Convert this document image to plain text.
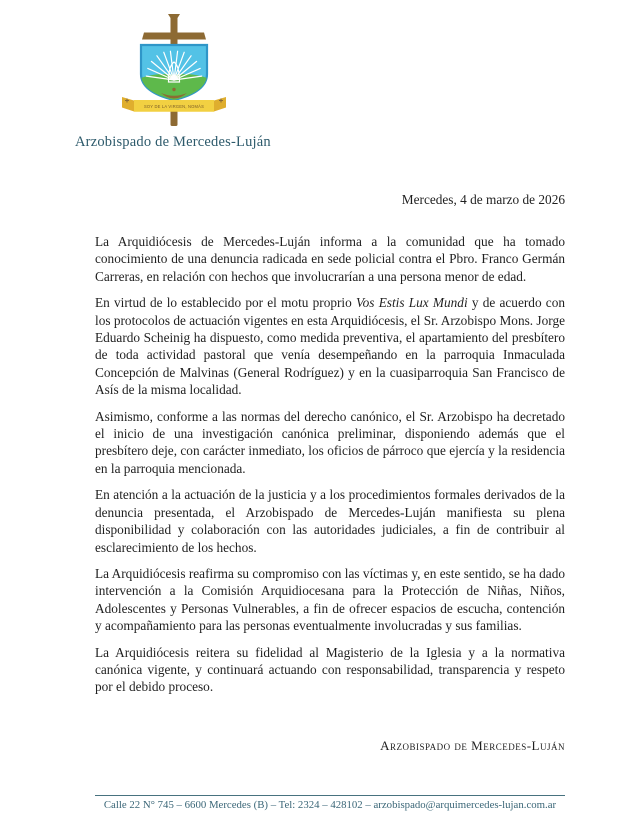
SOY DE LA VIRGEN, NOMÁS
Arzobispado de Mercedes-Luján
Mercedes, 4 de marzo de 2026

La Arquidiócesis de Mercedes-Luján informa a la comunidad que ha tomado conocimiento de una denuncia radicada en sede policial contra el Pbro. Franco Germán Carreras, en relación con hechos que involucrarían a una persona menor de edad.

En virtud de lo establecido por el motu proprio Vos Estis Lux Mundi y de acuerdo con los protocolos de actuación vigentes en esta Arquidiócesis, el Sr. Arzobispo Mons. Jorge Eduardo Scheinig ha dispuesto, como medida preventiva, el apartamiento del presbítero de toda actividad pastoral que venía desempeñando en la parroquia Inmaculada Concepción de Malvinas (General Rodríguez) y en la cuasiparroquia San Francisco de Asís de la misma localidad.

Asimismo, conforme a las normas del derecho canónico, el Sr. Arzobispo ha decretado el inicio de una investigación canónica preliminar, disponiendo además que el presbítero deje, con carácter inmediato, los oficios de párroco que ejercía y la residencia en la parroquia mencionada.

En atención a la actuación de la justicia y a los procedimientos formales derivados de la denuncia presentada, el Arzobispado de Mercedes-Luján manifiesta su plena disponibilidad y colaboración con las autoridades judiciales, a fin de contribuir al esclarecimiento de los hechos.

La Arquidiócesis reafirma su compromiso con las víctimas y, en este sentido, se ha dado intervención a la Comisión Arquidiocesana para la Protección de Niñas, Niños, Adolescentes y Personas Vulnerables, a fin de ofrecer espacios de escucha, contención y acompañamiento para las personas eventualmente involucradas y sus familias.

La Arquidiócesis reitera su fidelidad al Magisterio de la Iglesia y a la normativa canónica vigente, y continuará actuando con responsabilidad, transparencia y respeto por el debido proceso.

Arzobispado de Mercedes-Luján
Calle 22 N° 745 – 6600 Mercedes (B) – Tel: 2324 – 428102 – arzobispado@arquimercedes-lujan.com.ar
